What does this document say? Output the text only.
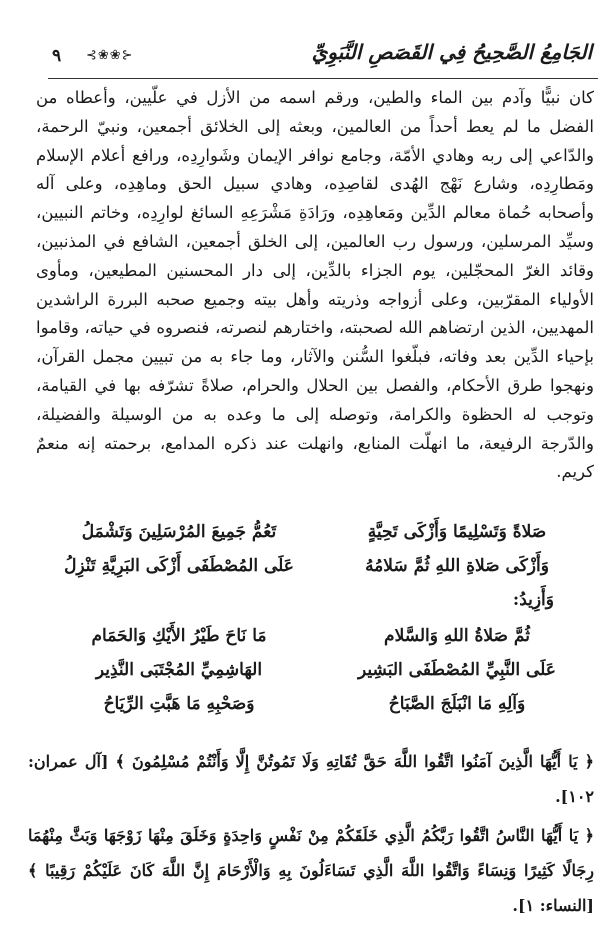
٩ ⊰❀❀⊱	الجَامِعُ الصَّحِيحُ فِي القَصَصِ النَّبَوِيِّ

كان نبيًّا وآدم بين الماء والطين، ورقم اسمه من الأزل في علّيين، وأعطاه من الفضل ما لم يعط أحداً من العالمين، وبعثه إلى الخلائق أجمعين، ونبيّ الرحمة، والدّاعي إلى ربه وهادي الأمّة، وجامع نوافر الإيمان وشَوارِدِه، ورافع أعلام الإسلام ومَطارِدِه، وشارع نَهْج الهُدى لقاصِدِه، وهادي سبيل الحق وماهِدِه، وعلى آله وأصحابه حُماة معالم الدِّين ومَعاهِدِه، ورَادَةِ مَشْرَعِهِ السائغ لوارِدِه، وخاتم النبيين، وسيِّد المرسلين، ورسول رب العالمين، إلى الخلق أجمعين، الشافع في المذنبين، وقائد الغرّ المحجّلين، يوم الجزاء بالدِّين، إلى دار المحسنين المطيعين، ومأوى الأولياء المقرّبين، وعلى أزواجه وذريته وأهل بيته وجميع صحبه البررة الراشدين المهديين، الذين ارتضاهم الله لصحبته، واختارهم لنصرته، فنصروه في حياته، وقاموا بإحياء الدِّين بعد وفاته، فبلّغوا السُّنن والآثار، وما جاء به من تبيين مجمل القرآن، ونهجوا طرق الأحكام، والفصل بين الحلال والحرام، صلاةً تشرّفه بها في القيامة، وتوجب له الحظوة والكرامة، وتوصله إلى ما وعده به من الوسيلة والفضيلة، والدّرجة الرفيعة، ما انهلّت المنابع، وانهلت عند ذكره المدامع، برحمته إنه منعمٌ كريم.

صَلاةً وَتَسْلِيمًا وَأَزْكَى تَحِيَّةٍ
تَعُمُّ جَمِيعَ المُرْسَلِينَ وَتَشْمَلُ
وَأَزْكَى صَلاةِ اللهِ ثُمَّ سَلامُهُ
عَلَى المُصْطَفَى أَزْكَى البَرِيَّةِ تَنْزِلُ
وَأَزِيدُ:
ثُمَّ صَلاةُ اللهِ وَالسَّلام
مَا نَاحَ طَيْرُ الأَيْكِ وَالحَمَام
عَلَى النَّبِيِّ المُصْطَفَى البَشِير
الهَاشِمِيِّ المُجْتَبَى النَّذِير
وَآلِهِ مَا انْبَلَجَ الصَّبَاحُ
وَصَحْبِهِ مَا هَبَّتِ الرِّيَاحُ

﴿ يَا أَيُّهَا الَّذِينَ آمَنُوا اتَّقُوا اللَّهَ حَقَّ تُقَاتِهِ وَلَا تَمُوتُنَّ إِلَّا وَأَنْتُمْ مُسْلِمُونَ ﴾ [آل عمران: ١٠٢].

﴿ يَا أَيُّهَا النَّاسُ اتَّقُوا رَبَّكُمُ الَّذِي خَلَقَكُمْ مِنْ نَفْسٍ وَاحِدَةٍ وَخَلَقَ مِنْهَا زَوْجَهَا وَبَثَّ مِنْهُمَا رِجَالًا كَثِيرًا وَنِسَاءً وَاتَّقُوا اللَّهَ الَّذِي تَسَاءَلُونَ بِهِ وَالْأَرْحَامَ إِنَّ اللَّهَ كَانَ عَلَيْكُمْ رَقِيبًا ﴾ [النساء: ١].
